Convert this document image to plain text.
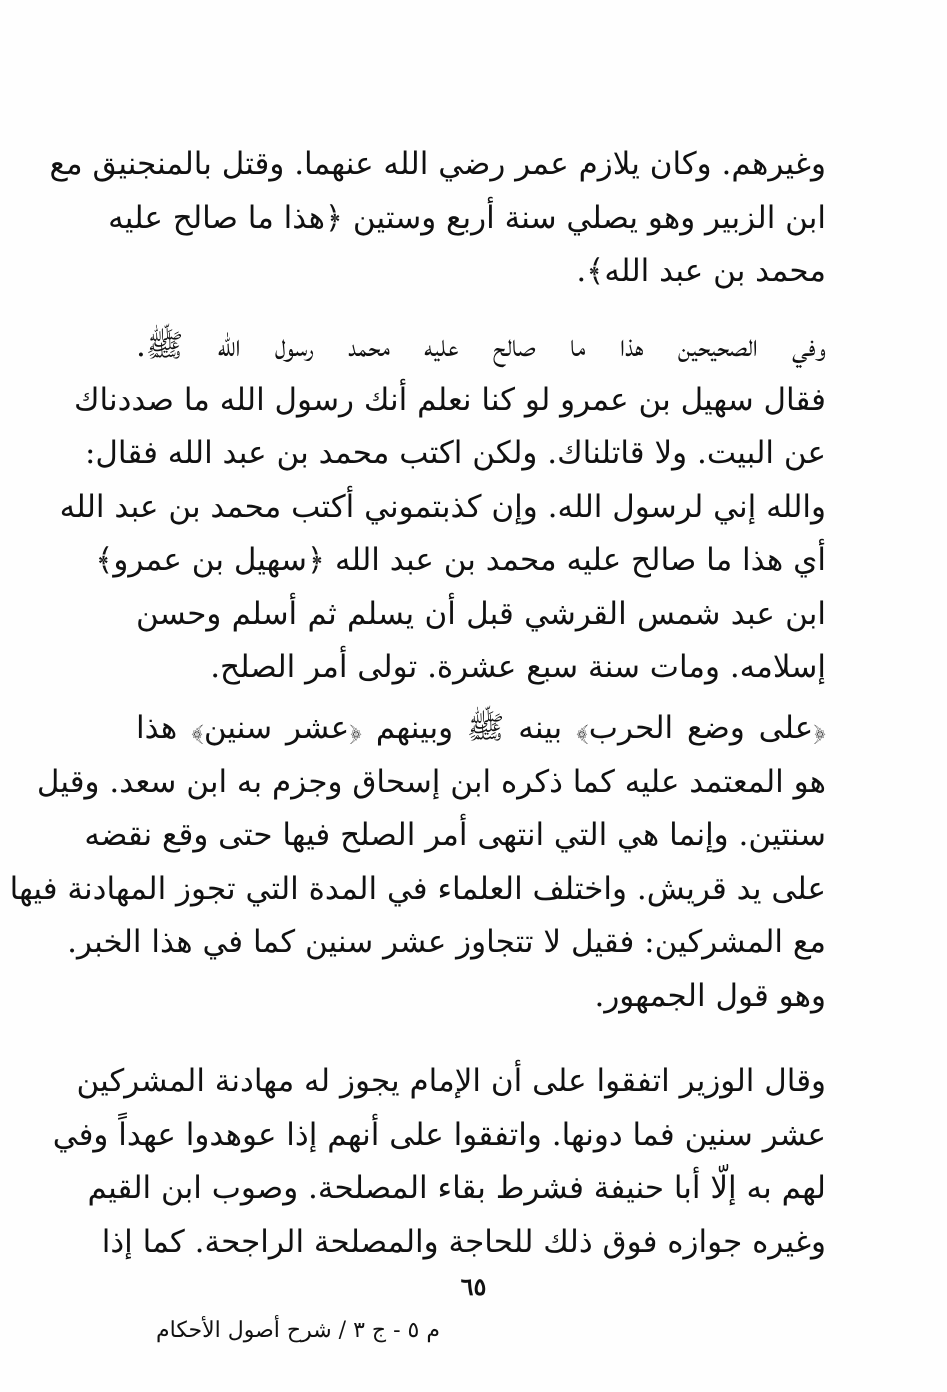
وغيرهم. وكان يلازم عمر رضي الله عنهما. وقتل بالمنجنيق مع
ابن الزبير وهو يصلي سنة أربع وستين ﴿هذا ما صالح عليه
محمد بن عبد الله﴾.
وفي الصحيحين هذا ما صالح عليه محمد رسول الله ﷺ.
فقال سهيل بن عمرو لو كنا نعلم أنك رسول الله ما صددناك
عن البيت. ولا قاتلناك. ولكن اكتب محمد بن عبد الله فقال:
والله إني لرسول الله. وإن كذبتموني أكتب محمد بن عبد الله
أي هذا ما صالح عليه محمد بن عبد الله ﴿سهيل بن عمرو﴾
ابن عبد شمس القرشي قبل أن يسلم ثم أسلم وحسن
إسلامه. ومات سنة سبع عشرة. تولى أمر الصلح.
﴿على وضع الحرب﴾ بينه ﷺ وبينهم ﴿عشر سنين﴾ هذا
هو المعتمد عليه كما ذكره ابن إسحاق وجزم به ابن سعد. وقيل
سنتين. وإنما هي التي انتهى أمر الصلح فيها حتى وقع نقضه
على يد قريش. واختلف العلماء في المدة التي تجوز المهادنة فيها
مع المشركين: فقيل لا تتجاوز عشر سنين كما في هذا الخبر.
وهو قول الجمهور.
وقال الوزير اتفقوا على أن الإمام يجوز له مهادنة المشركين
عشر سنين فما دونها. واتفقوا على أنهم إذا عوهدوا عهداً وفي
لهم به إلّا أبا حنيفة فشرط بقاء المصلحة. وصوب ابن القيم
وغيره جوازه فوق ذلك للحاجة والمصلحة الراجحة. كما إذا
٦٥
م ٥ - ج ٣ / شرح أصول الأحكام
